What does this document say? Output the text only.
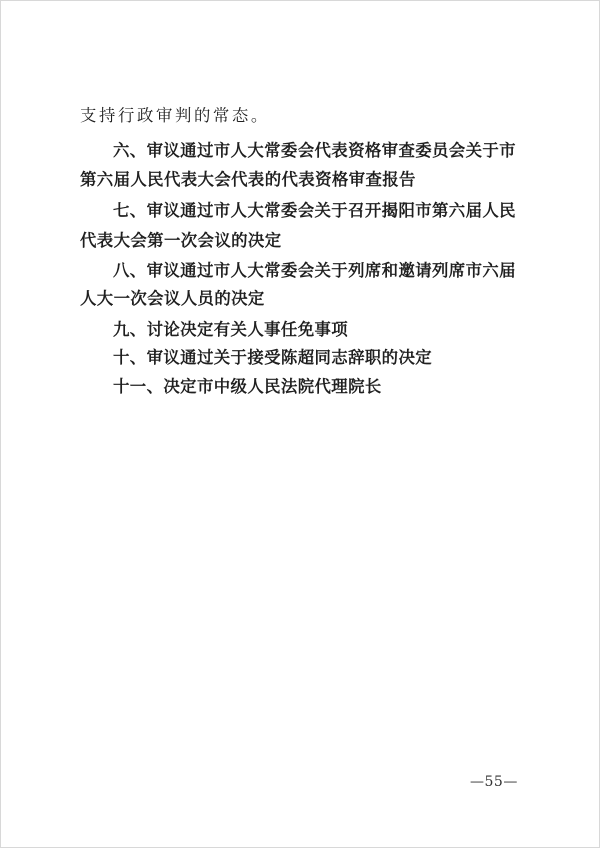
支持行政审判的常态。
六、审议通过市人大常委会代表资格审查委员会关于市
第六届人民代表大会代表的代表资格审查报告
七、审议通过市人大常委会关于召开揭阳市第六届人民
代表大会第一次会议的决定
八、审议通过市人大常委会关于列席和邀请列席市六届
人大一次会议人员的决定
九、讨论决定有关人事任免事项
十、审议通过关于接受陈超同志辞职的决定
十一、决定市中级人民法院代理院长
—55—
